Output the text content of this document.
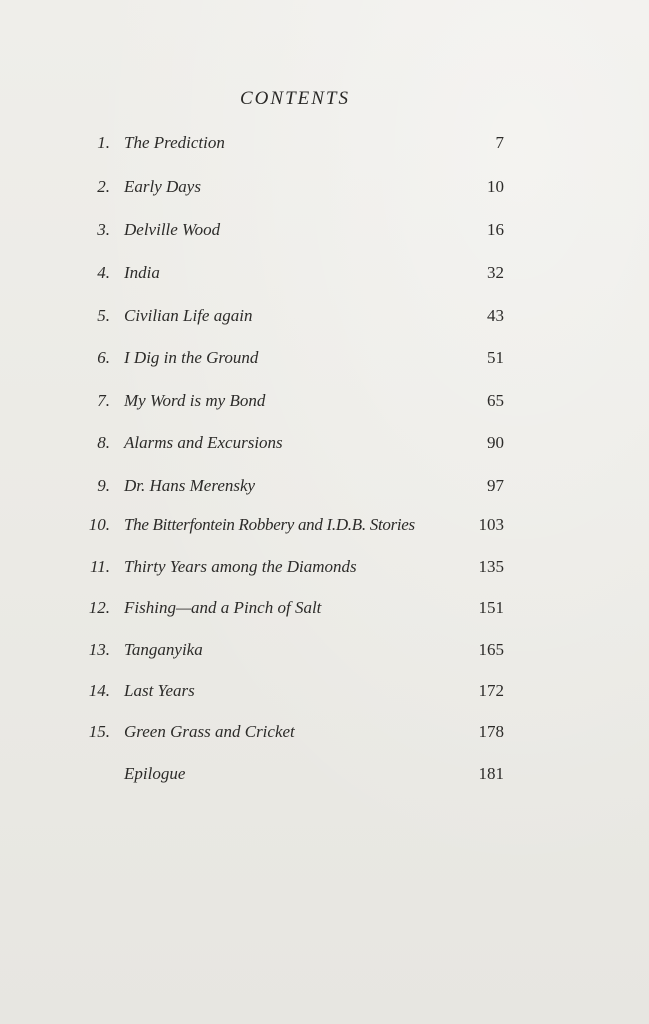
CONTENTS
1. The Prediction	7
2. Early Days	10
3. Delville Wood	16
4. India	32
5. Civilian Life again	43
6. I Dig in the Ground	51
7. My Word is my Bond	65
8. Alarms and Excursions	90
9. Dr. Hans Merensky	97
10. The Bitterfontein Robbery and I.D.B. Stories	103
11. Thirty Years among the Diamonds	135
12. Fishing—and a Pinch of Salt	151
13. Tanganyika	165
14. Last Years	172
15. Green Grass and Cricket	178
Epilogue	181
